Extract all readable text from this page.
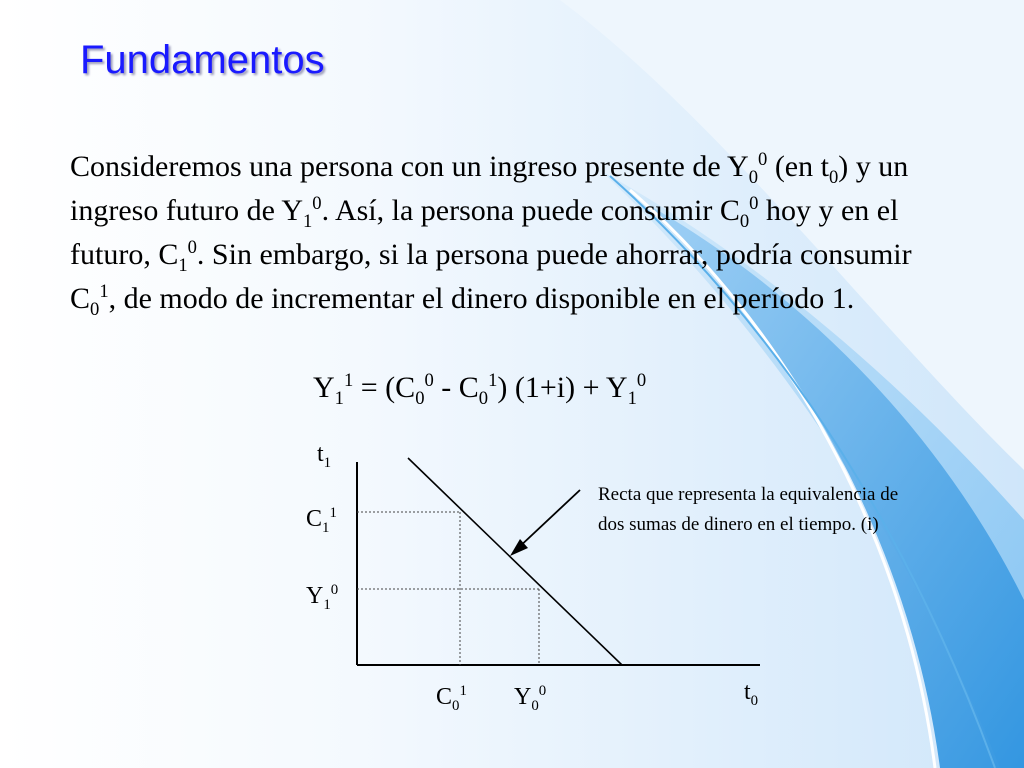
Fundamentos
Consideremos una persona con un ingreso presente de $Y_0^0$ (en $t_0$) y un ingreso futuro de $Y_1^0$. Así, la persona puede consumir $C_0^0$ hoy y en el futuro, $C_1^0$. Sin embargo, si la persona puede ahorrar, podría consumir $C_0^1$, de modo de incrementar el dinero disponible en el período 1.
$Y_1^1 = (C_0^0 - C_0^1) (1+i) + Y_1^0$
$t_1$
$C_1^1$
$Y_1^0$
$C_0^1$ $Y_0^0$	$t_0$
Recta que representa la equivalencia de dos sumas de dinero en el tiempo. (i)
